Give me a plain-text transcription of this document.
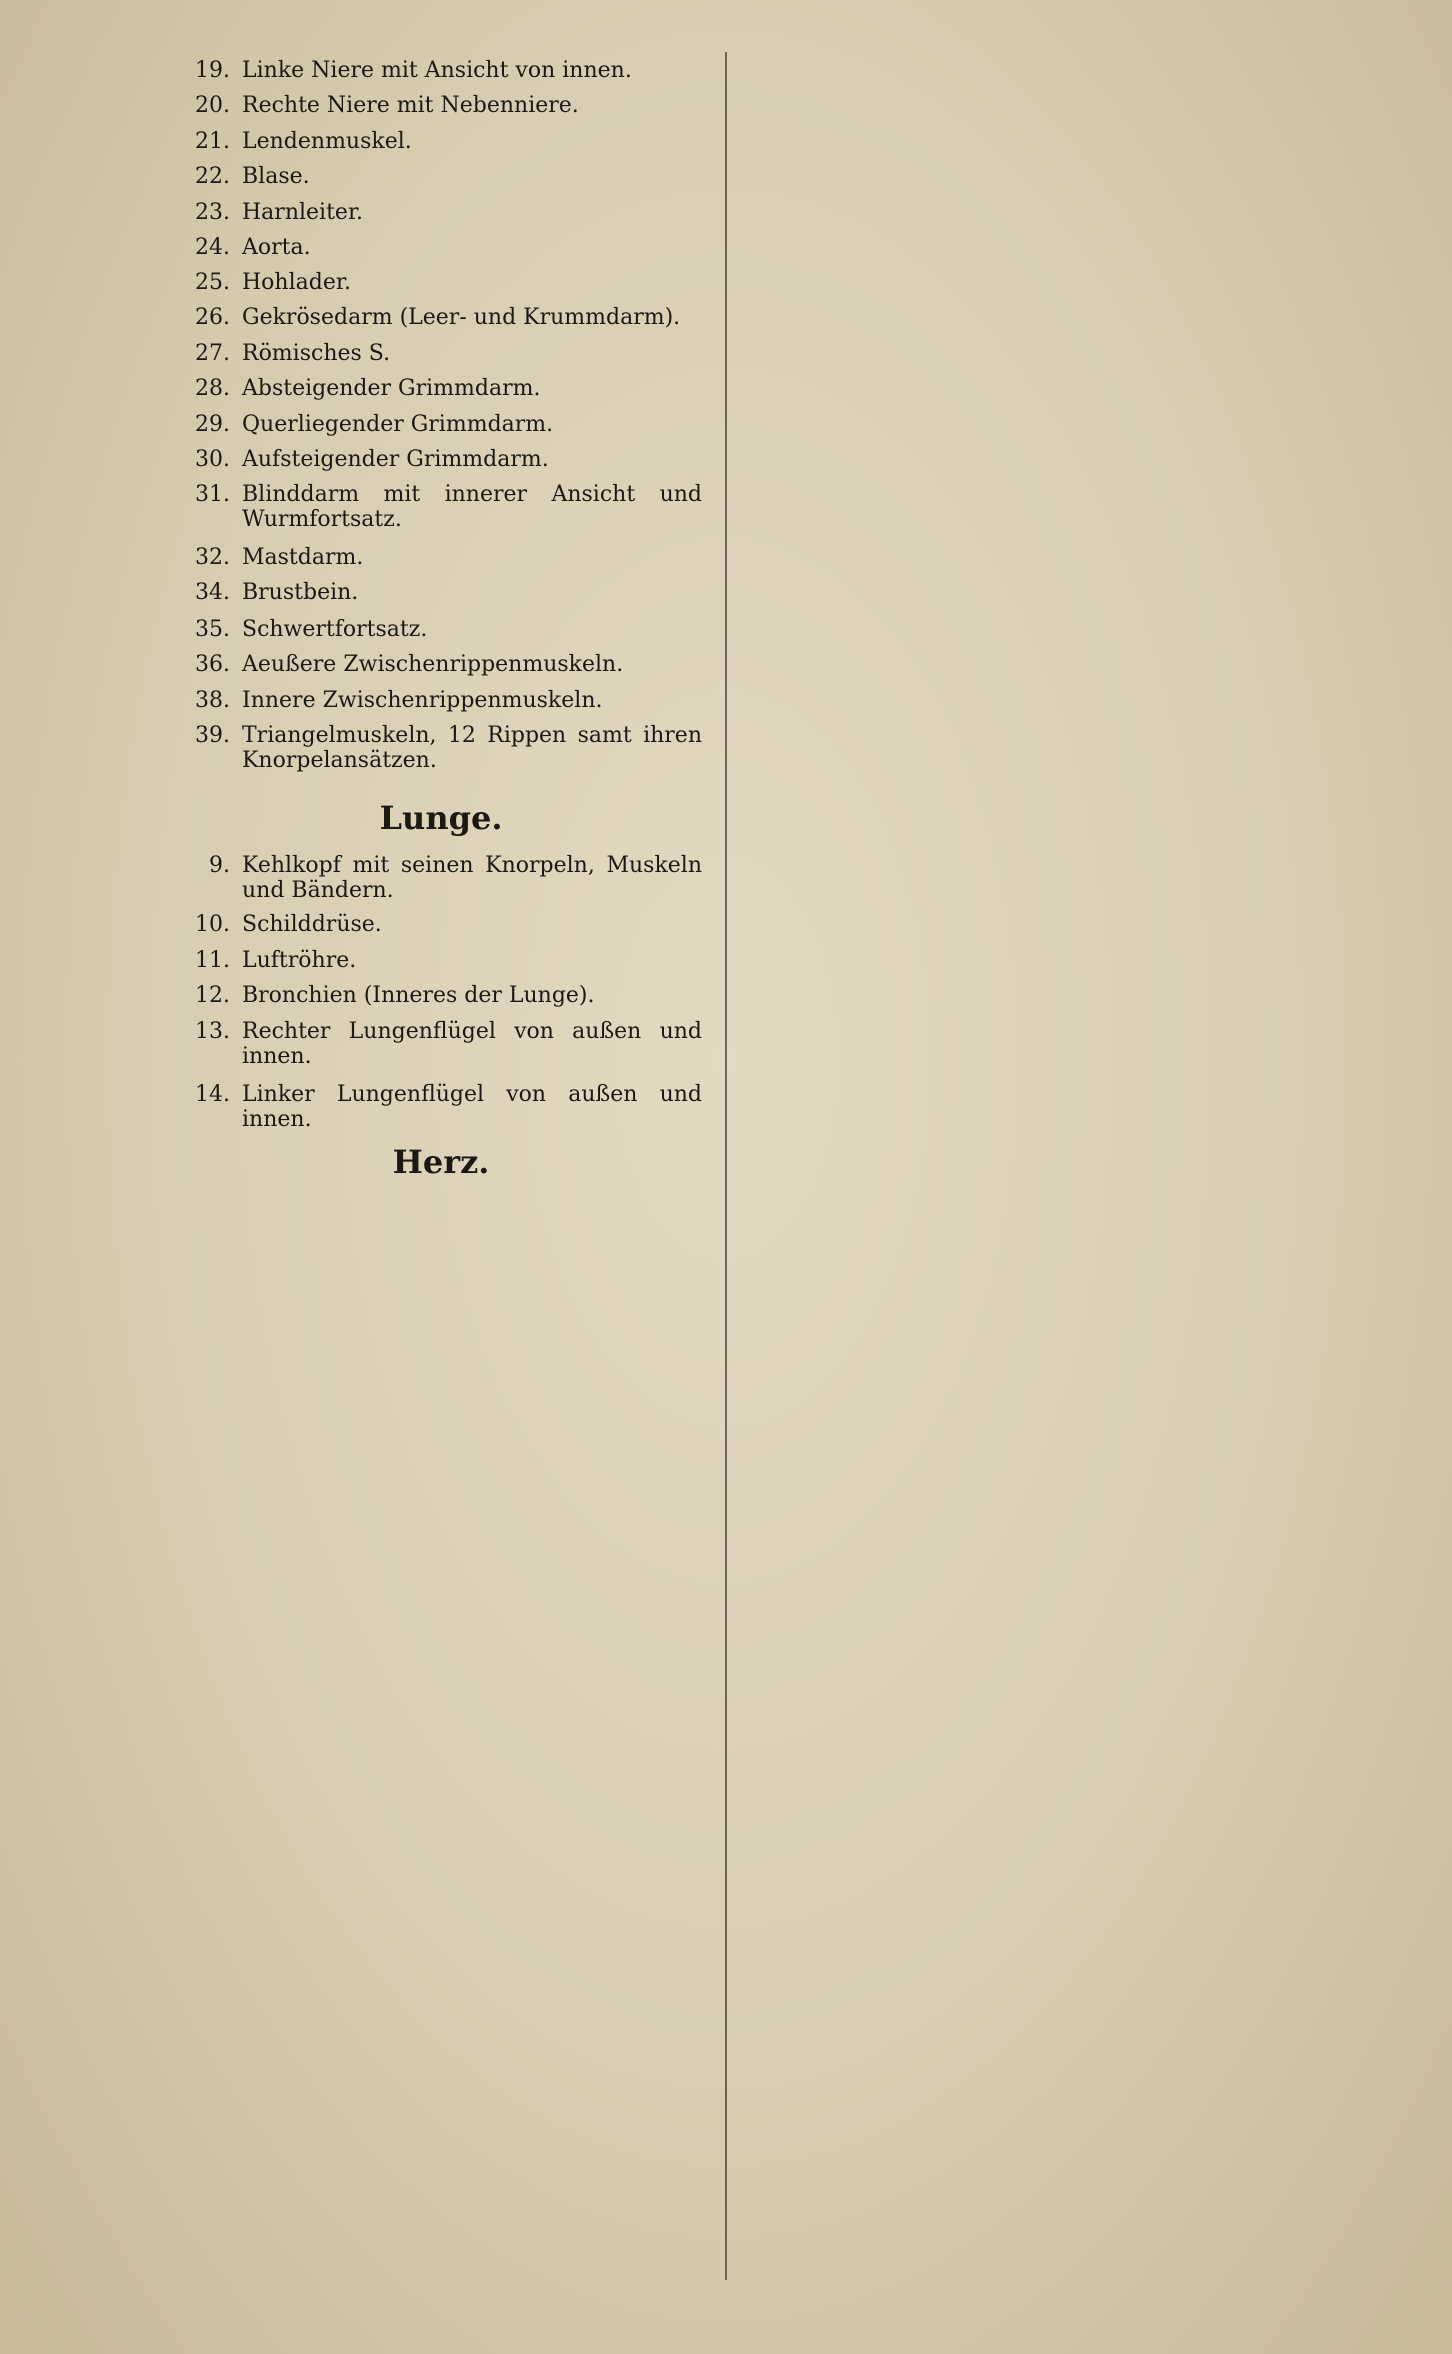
19. Linke Niere mit Ansicht von innen.
20. Rechte Niere mit Nebenniere.
21. Lendenmuskel.
22. Blase.
23. Harnleiter.
24. Aorta.
25. Hohlader.
26. Gekrösedarm (Leer- und Krummdarm).
27. Römisches S.
28. Absteigender Grimmdarm.
29. Querliegender Grimmdarm.
30. Aufsteigender Grimmdarm.
31. Blinddarm mit innerer Ansicht und Wurmfortsatz.
32. Mastdarm.
34. Brustbein.
35. Schwertfortsatz.
36. Aeußere Zwischenrippenmuskeln.
38. Innere Zwischenrippenmuskeln.
39. Triangelmuskeln, 12 Rippen samt ihren Knorpelansätzen.
Lunge.
9. Kehlkopf mit seinen Knorpeln, Muskeln und Bändern.
10. Schilddrüse.
11. Luftröhre.
12. Bronchien (Inneres der Lunge).
13. Rechter Lungenflügel von außen und innen.
14. Linker Lungenflügel von außen und innen.
Herz.
